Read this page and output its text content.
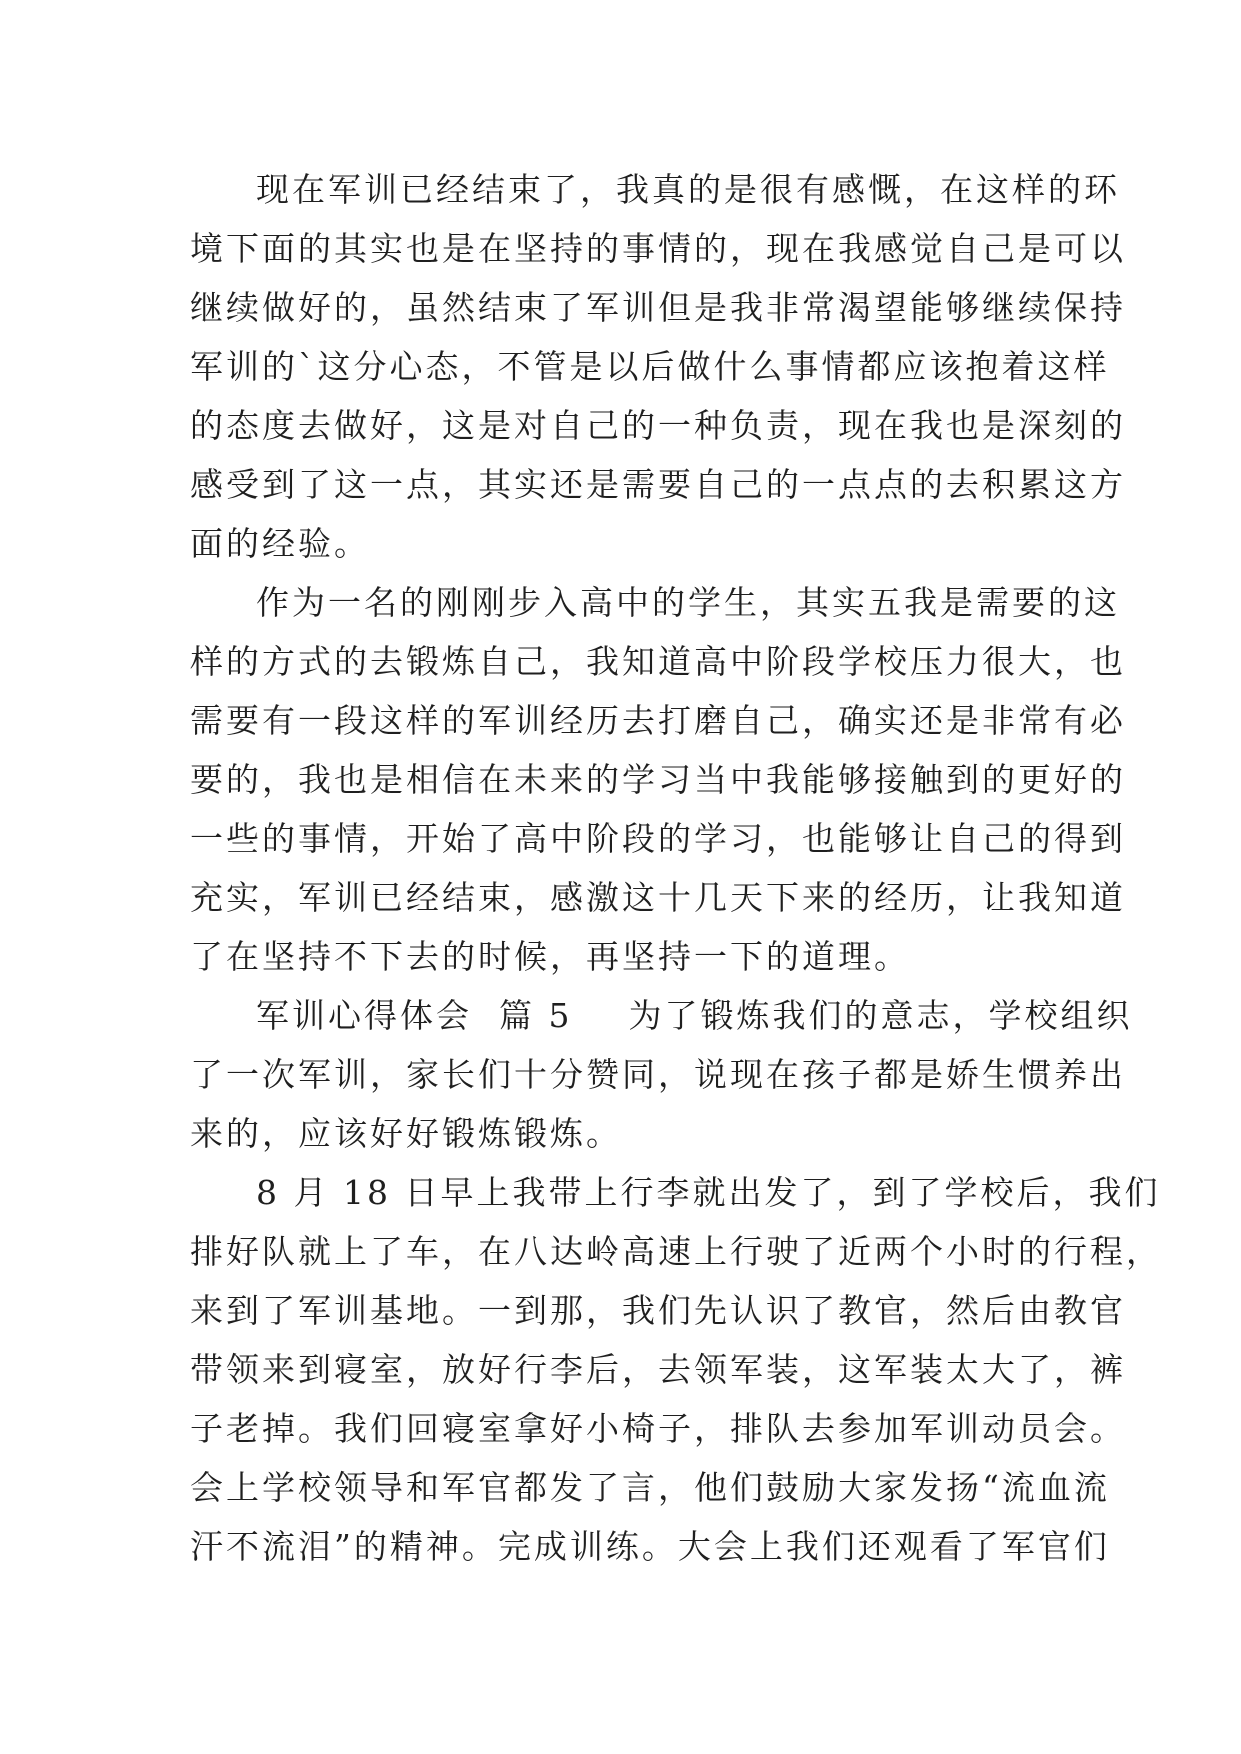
现在军训已经结束了，我真的是很有感慨，在这样的环
境下面的其实也是在坚持的事情的，现在我感觉自己是可以
继续做好的，虽然结束了军训但是我非常渴望能够继续保持
军训的`这分心态，不管是以后做什么事情都应该抱着这样
的态度去做好，这是对自己的一种负责，现在我也是深刻的
感受到了这一点，其实还是需要自己的一点点的去积累这方
面的经验。
作为一名的刚刚步入高中的学生，其实五我是需要的这
样的方式的去锻炼自己，我知道高中阶段学校压力很大，也
需要有一段这样的军训经历去打磨自己，确实还是非常有必
要的，我也是相信在未来的学习当中我能够接触到的更好的
一些的事情，开始了高中阶段的学习，也能够让自己的得到
充实，军训已经结束，感激这十几天下来的经历，让我知道
了在坚持不下去的时候，再坚持一下的道理。
军训心得体会  篇 5 为了锻炼我们的意志，学校组织
了一次军训，家长们十分赞同，说现在孩子都是娇生惯养出
来的，应该好好锻炼锻炼。
8 月 18 日早上我带上行李就出发了，到了学校后，我们
排好队就上了车，在八达岭高速上行驶了近两个小时的行程，
来到了军训基地。一到那，我们先认识了教官，然后由教官
带领来到寝室，放好行李后，去领军装，这军装太大了，裤
子老掉。我们回寝室拿好小椅子，排队去参加军训动员会。
会上学校领导和军官都发了言，他们鼓励大家发扬“流血流
汗不流泪”的精神。完成训练。大会上我们还观看了军官们
